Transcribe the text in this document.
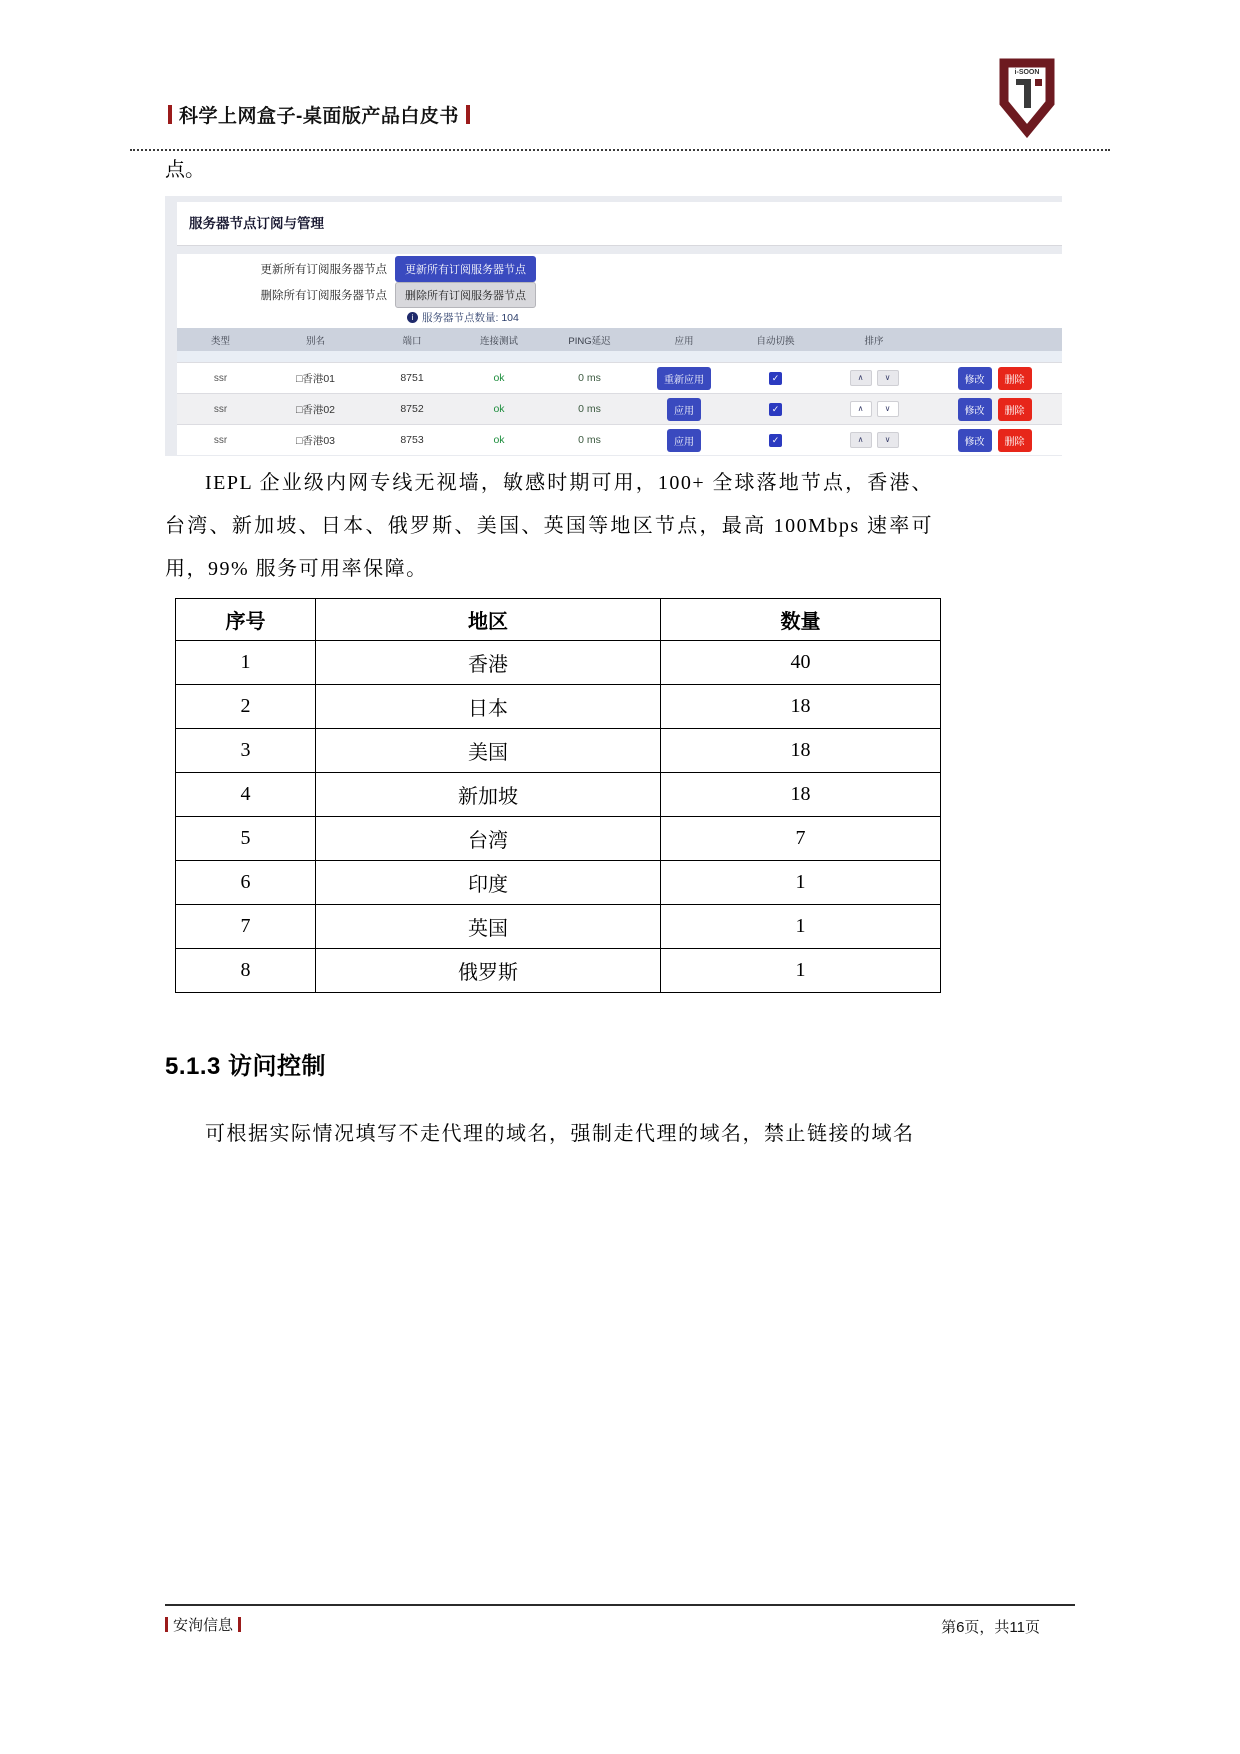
科学上网盒子-桌面版产品白皮书
i-SOON

点。

服务器节点订阅与管理
更新所有订阅服务器节点	更新所有订阅服务器节点
删除所有订阅服务器节点	删除所有订阅服务器节点
i 服务器节点数量: 104
类型	别名	端口	连接测试	PING延迟	应用	自动切换	排序
ssr	□香港01	8751	ok	0 ms	重新应用	✓	∧	∨	修改	删除
ssr	□香港02	8752	ok	0 ms	应用	✓	∧	∨	修改	删除
ssr	□香港03	8753	ok	0 ms	应用	✓	∧	∨	修改	删除

IEPL 企业级内网专线无视墙，敏感时期可用，100+ 全球落地节点，香港、台湾、新加坡、日本、俄罗斯、美国、英国等地区节点，最高 100Mbps 速率可用，99% 服务可用率保障。

序号	地区	数量
1	香港	40
2	日本	18
3	美国	18
4	新加坡	18
5	台湾	7
6	印度	1
7	英国	1
8	俄罗斯	1
5.1.3 访问控制

可根据实际情况填写不走代理的域名，强制走代理的域名，禁止链接的域名

安洵信息	第6页，共11页
